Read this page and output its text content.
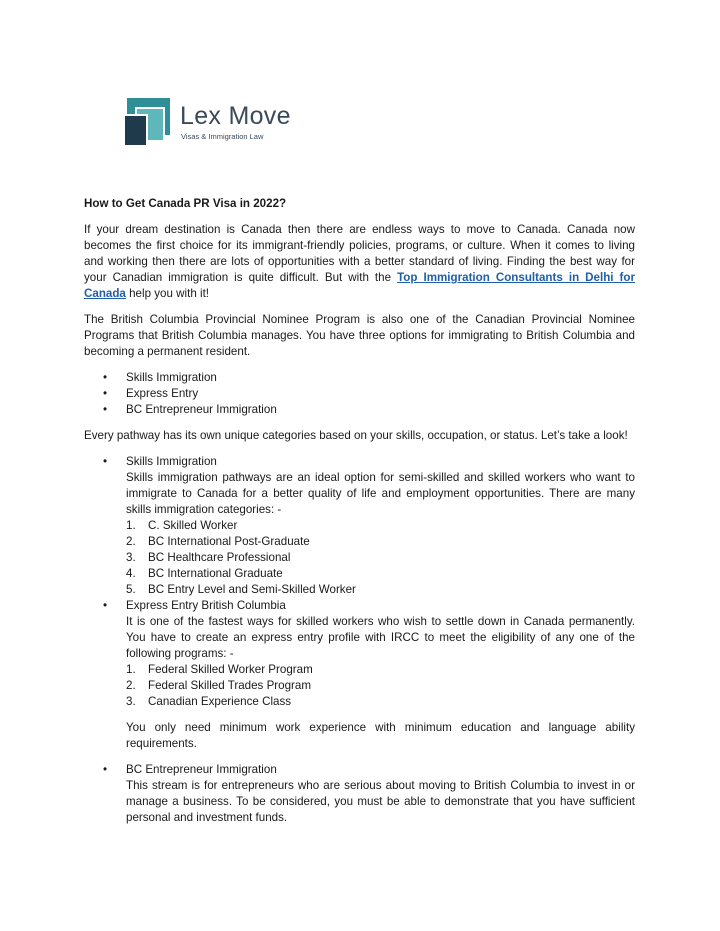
Lex Move
Visas & Immigration Law
How to Get Canada PR Visa in 2022?

If your dream destination is Canada then there are endless ways to move to Canada. Canada now becomes the first choice for its immigrant-friendly policies, programs, or culture. When it comes to living and working then there are lots of opportunities with a better standard of living. Finding the best way for your Canadian immigration is quite difficult. But with the Top Immigration Consultants in Delhi for Canada help you with it!

The British Columbia Provincial Nominee Program is also one of the Canadian Provincial Nominee Programs that British Columbia manages. You have three options for immigrating to British Columbia and becoming a permanent resident.

• Skills Immigration
• Express Entry
• BC Entrepreneur Immigration

Every pathway has its own unique categories based on your skills, occupation, or status. Let’s take a look!

• Skills Immigration
Skills immigration pathways are an ideal option for semi-skilled and skilled workers who want to immigrate to Canada for a better quality of life and employment opportunities. There are many skills immigration categories: -
1. C. Skilled Worker
2. BC International Post-Graduate
3. BC Healthcare Professional
4. BC International Graduate
5. BC Entry Level and Semi-Skilled Worker
• Express Entry British Columbia
It is one of the fastest ways for skilled workers who wish to settle down in Canada permanently. You have to create an express entry profile with IRCC to meet the eligibility of any one of the following programs: -
1. Federal Skilled Worker Program
2. Federal Skilled Trades Program
3. Canadian Experience Class
You only need minimum work experience with minimum education and language ability requirements.
• BC Entrepreneur Immigration
This stream is for entrepreneurs who are serious about moving to British Columbia to invest in or manage a business. To be considered, you must be able to demonstrate that you have sufficient personal and investment funds.
